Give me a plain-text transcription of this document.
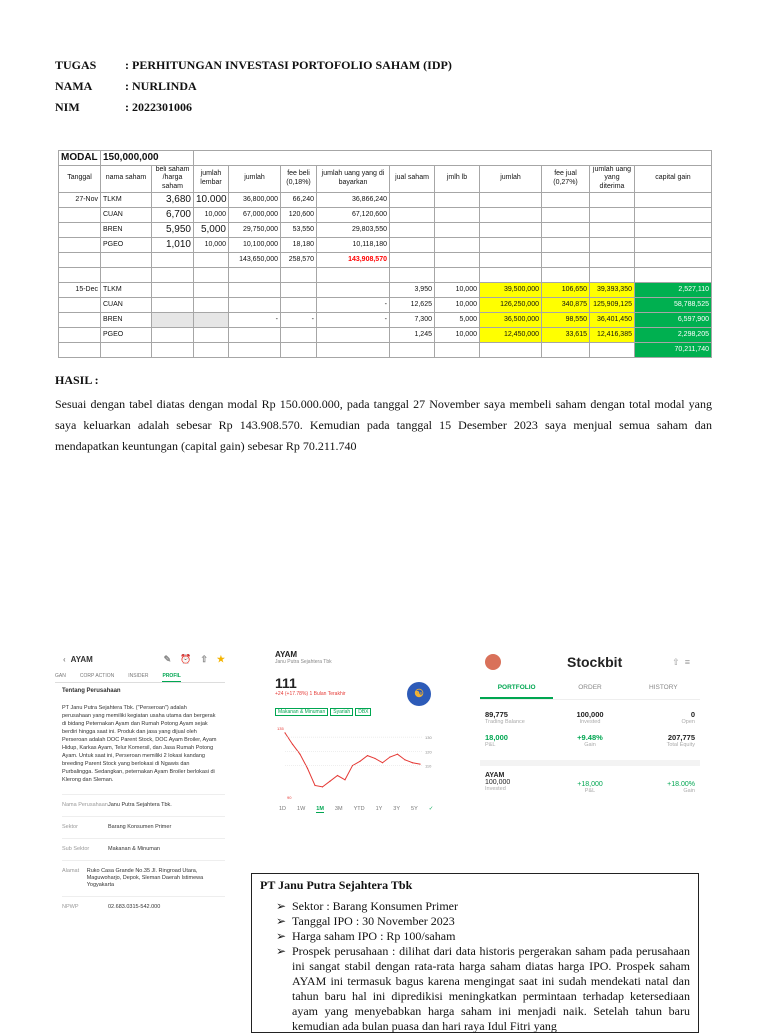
TUGAS	: PERHITUNGAN INVESTASI PORTOFOLIO SAHAM (IDP)
NAMA	: NURLINDA
NIM	: 2022301006

MODAL	150,000,000											
Tanggal	nama saham	beli saham /harga saham	jumlah lembar	jumlah	fee beli (0,18%)	jumlah uang yang di bayarkan	jual saham	jmlh lb	jumlah	fee jual (0,27%)	jumlah uang yang diterima	capital gain
27-Nov	TLKM	3,680	10.000	36,800,000	66,240	36,866,240						
	CUAN	6,700	10,000	67,000,000	120,600	67,120,600						
	BREN	5,950	5,000	29,750,000	53,550	29,803,550						
	PGEO	1,010	10,000	10,100,000	18,180	10,118,180						
				143,650,000	258,570	143,908,570						

15-Dec	TLKM						3,950	10,000	39,500,000	106,650	39,393,350	2,527,110
	CUAN					-	12,625	10,000	126,250,000	340,875	125,909,125	58,788,525
	BREN			-	-	-	7,300	5,000	36,500,000	98,550	36,401,450	6,597,900
	PGEO						1,245	10,000	12,450,000	33,615	12,416,385	2,298,205
												70,211,740
HASIL :

Sesuai dengan tabel diatas dengan modal Rp 150.000.000, pada tanggal 27 November saya membeli saham dengan total modal yang saya keluarkan adalah sebesar Rp 143.908.570. Kemudian pada tanggal 15 Desember 2023 saya menjual semua saham dan mendapatkan keuntungan (capital gain) sebesar Rp 70.211.740

‹ AYAM	✎ ⏰ ⇧ ★
GAN	CORP ACTION	INSIDER	PROFIL
Tentang Perusahaan
PT Janu Putra Sejahtera Tbk. ("Perseroan") adalah perusahaan yang memiliki kegiatan usaha utama dan bergerak di bidang Peternakan Ayam dan Rumah Potong Ayam sejak berdiri hingga saat ini. Produk dan jasa yang dijual oleh Perseroan adalah DOC Parent Stock, DOC Ayam Broiler, Ayam Hidup, Karkas Ayam, Telur Komersil, dan Jasa Rumah Potong Ayam. Untuk saat ini, Perseroan memiliki 2 lokasi kandang breeding Parent Stock yang berlokasi di Ngawis dan Purbalingga. Sedangkan, peternakan Ayam Broiler berlokasi di Klerong dan Sleman.
Nama Perusahaan Janu Putra Sejahtera Tbk.
Sektor	Barang Konsumen Primer
Sub Sektor	Makanan & Minuman
Alamat	Ruko Casa Grande No.35 Jl. Ringroad Utara, Maguwoharjo, Depok, Sleman Daerah Istimewa Yogyakarta
NPWP	02.683.0315-542.000
AYAM
Janu Putra Sejahtera Tbk
111
+24 (+17.78%) 1 Bulan Terakhir
Makanan & Minuman Syariah DBX
☯
130
120
110
135
90
1D 1W 1M 3M YTD 1Y 3Y 5Y ✓
Stockbit	⇧ ≡
PORTFOLIO	ORDER	HISTORY
89,775
Trading Balance
100,000
Invested
0
Open
18,000
P&L
+9.48%
Gain
207,775
Total Equity
AYAM
100,000
Invested
+18,000
P&L
+18.00%
Gain
PT Janu Putra Sejahtera Tbk
➢ Sektor : Barang Konsumen Primer
➢ Tanggal IPO : 30 November 2023
➢ Harga saham IPO : Rp 100/saham
➢ Prospek perusahaan : dilihat dari data historis pergerakan saham pada perusahaan ini sangat stabil dengan rata-rata harga saham diatas harga IPO. Prospek saham AYAM ini termasuk bagus karena mengingat saat ini sudah mendekati natal dan tahun baru hal ini dipredikisi meningkatkan permintaan terhadap ketersediaan ayam yang menyebabkan harga saham ini menjadi naik. Setelah tahun baru kemudian ada bulan puasa dan hari raya Idul Fitri yang
